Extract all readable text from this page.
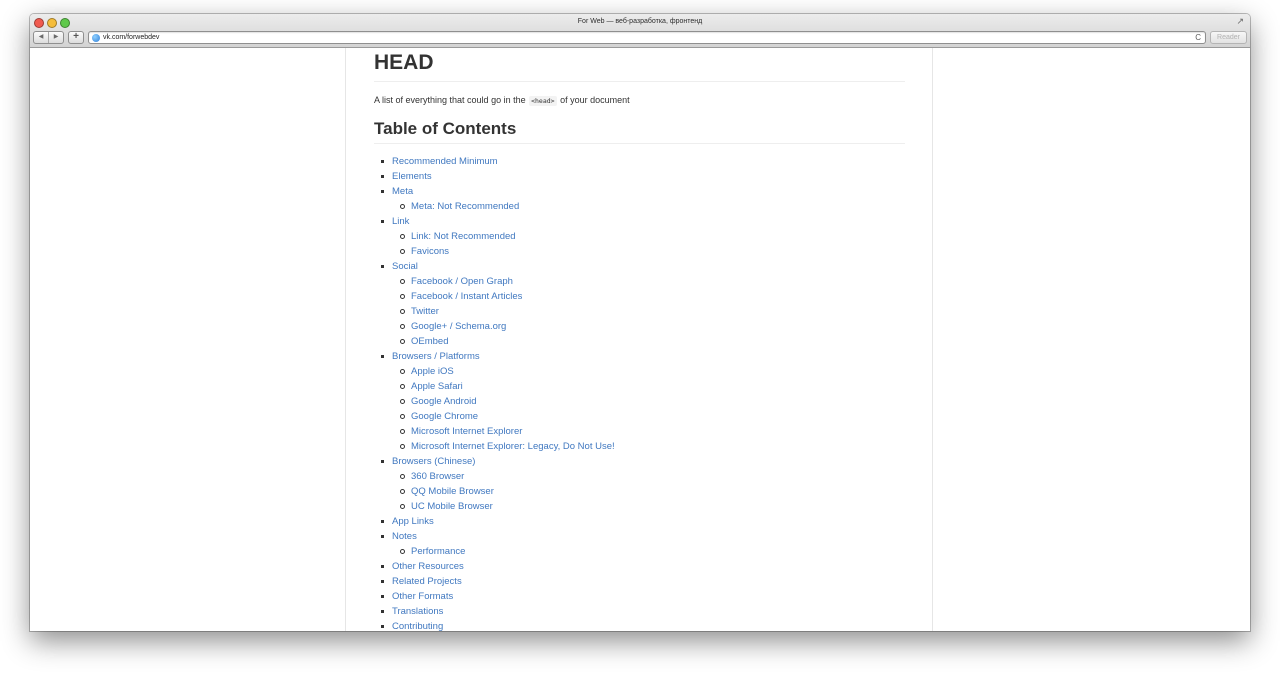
For Web — веб-разработка, фронтенд	↗
◀	▶	+	vk.com/forwebdev	C	Reader
HEAD

A list of everything that could go in the <head> of your document

Table of Contents
Recommended Minimum
Elements
Meta
Meta: Not Recommended
Link
Link: Not Recommended
Favicons
Social
Facebook / Open Graph
Facebook / Instant Articles
Twitter
Google+ / Schema.org
OEmbed
Browsers / Platforms
Apple iOS
Apple Safari
Google Android
Google Chrome
Microsoft Internet Explorer
Microsoft Internet Explorer: Legacy, Do Not Use!
Browsers (Chinese)
360 Browser
QQ Mobile Browser
UC Mobile Browser
App Links
Notes
Performance
Other Resources
Related Projects
Other Formats
Translations
Contributing
